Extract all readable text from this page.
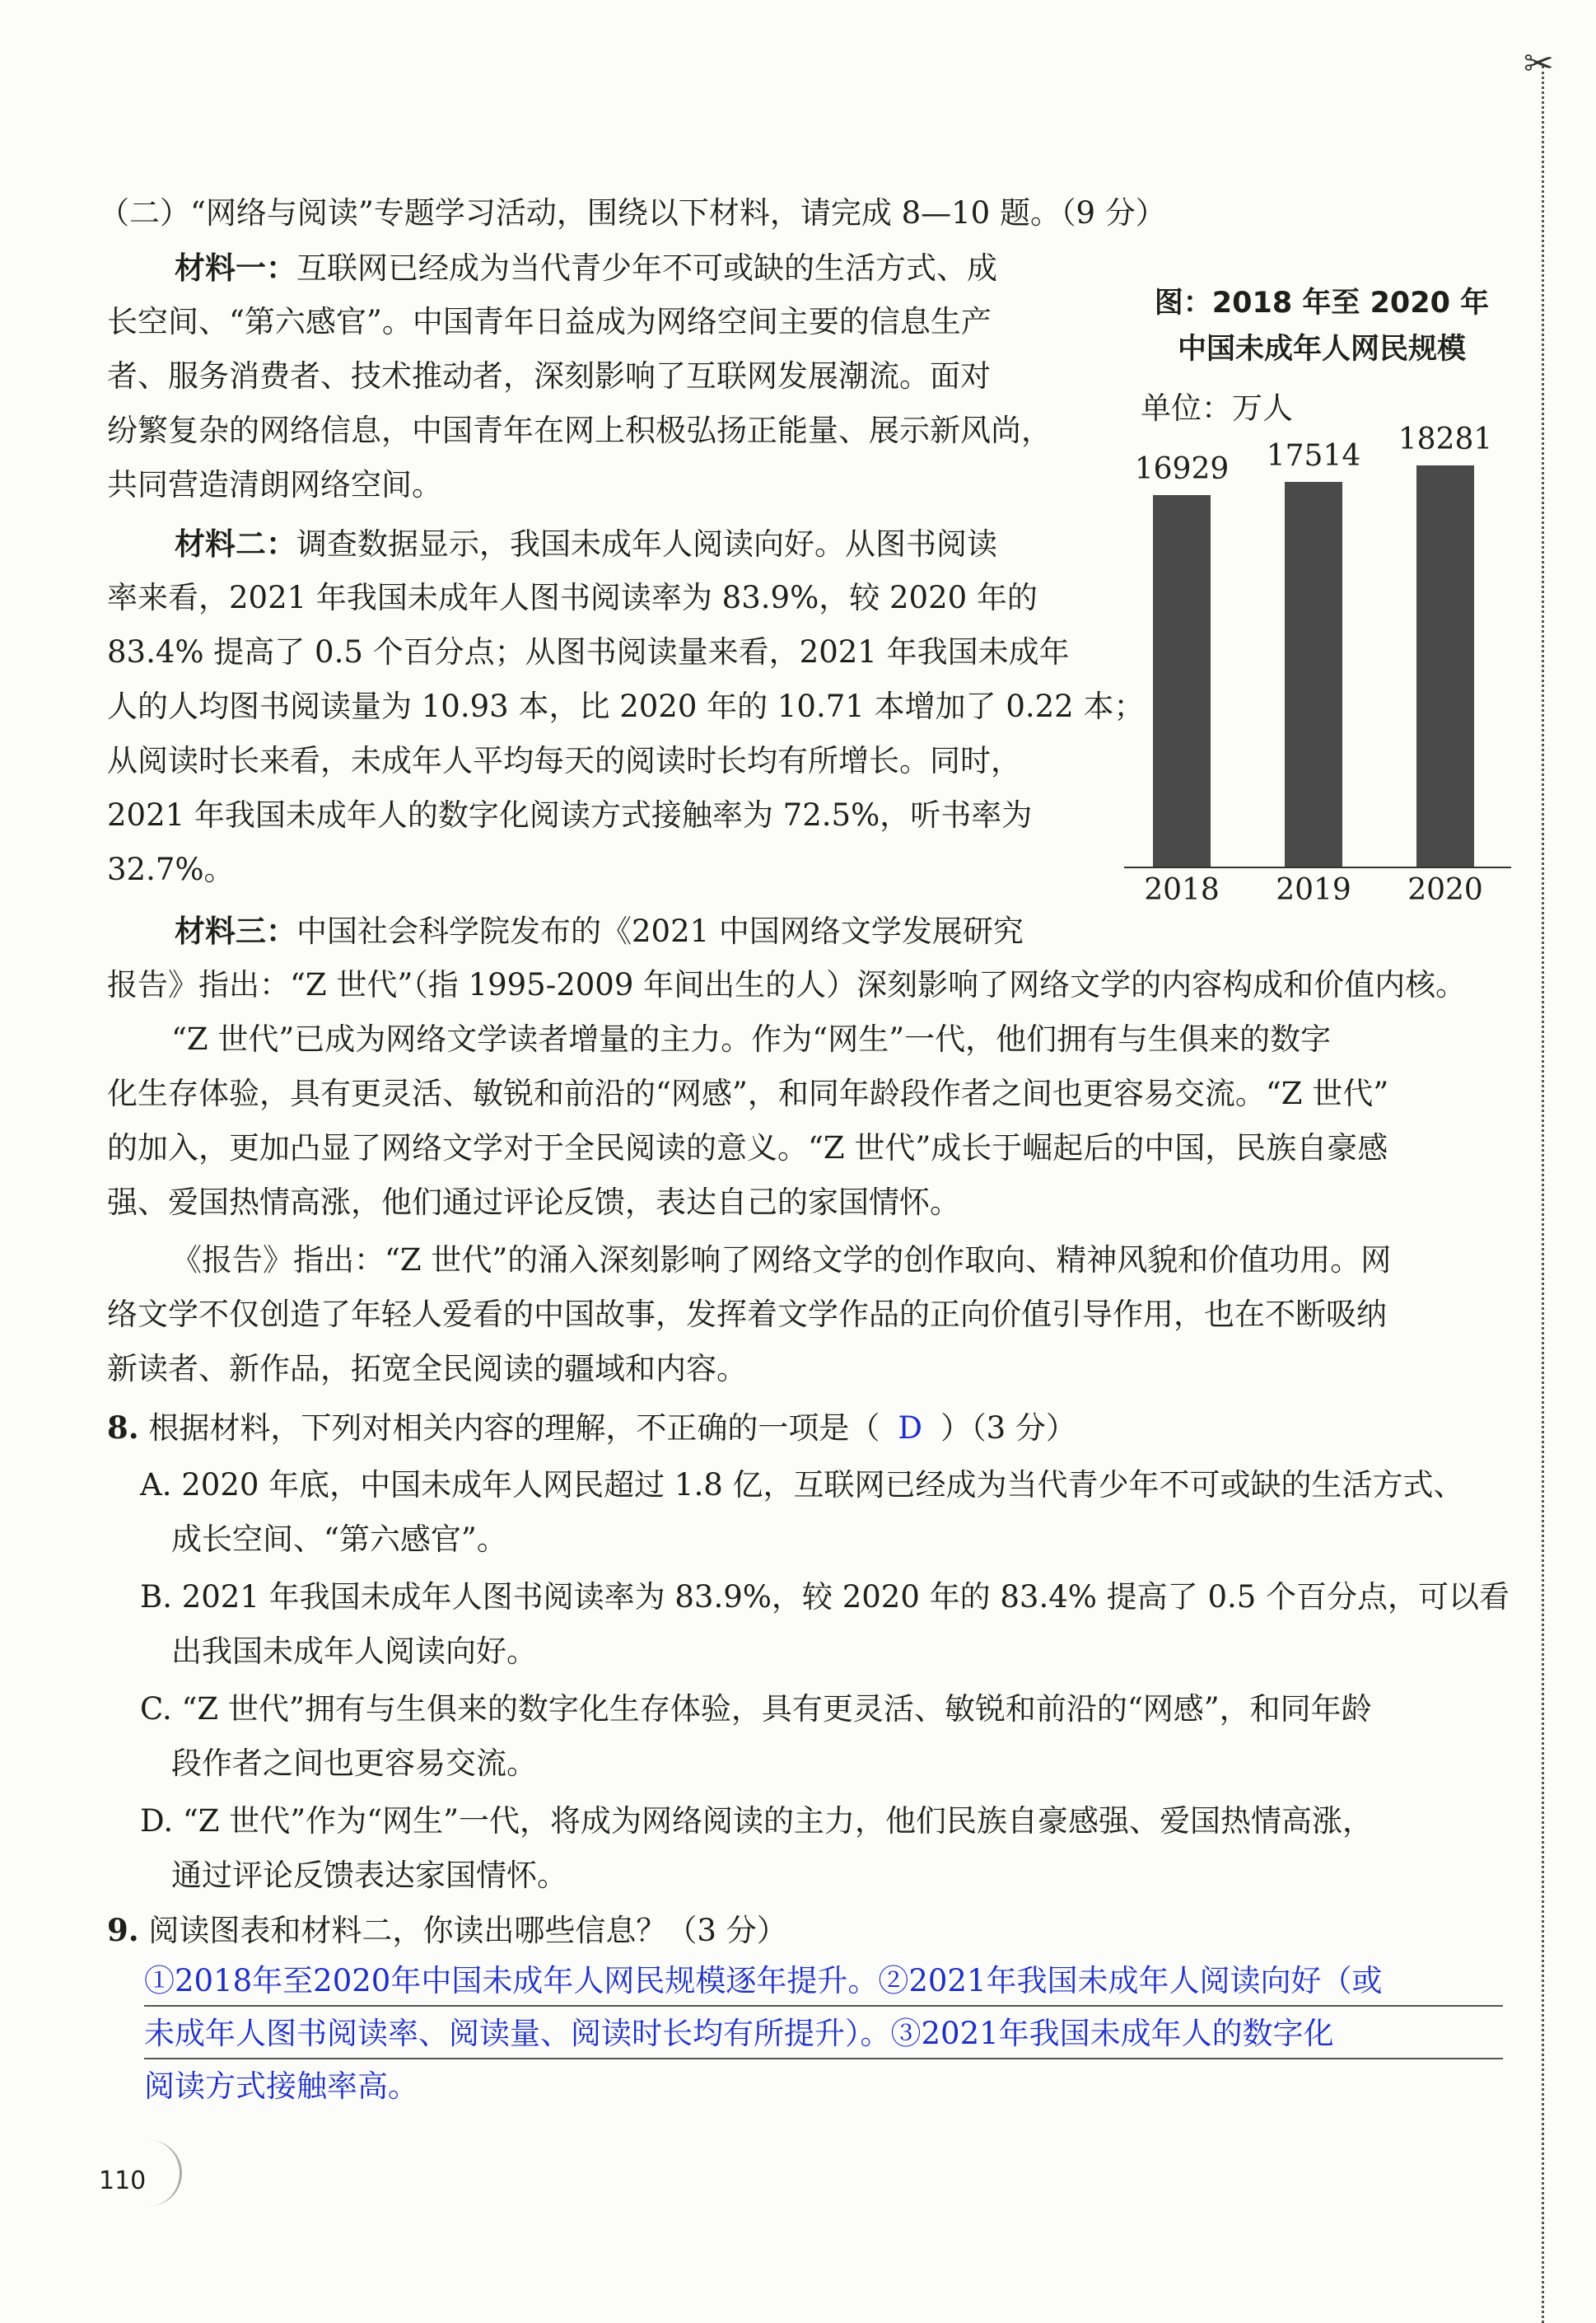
✂

（二）“网络与阅读”专题学习活动，围绕以下材料，请完成 8—10 题。（9 分）

材料一：互联网已经成为当代青少年不可或缺的生活方式、成

长空间、“第六感官”。中国青年日益成为网络空间主要的信息生产

者、服务消费者、技术推动者，深刻影响了互联网发展潮流。面对

纷繁复杂的网络信息，中国青年在网上积极弘扬正能量、展示新风尚，

共同营造清朗网络空间。

材料二：调查数据显示，我国未成年人阅读向好。从图书阅读

率来看，2021 年我国未成年人图书阅读率为 83.9%，较 2020 年的

83.4% 提高了 0.5 个百分点；从图书阅读量来看，2021 年我国未成年

人的人均图书阅读量为 10.93 本，比 2020 年的 10.71 本增加了 0.22 本；

从阅读时长来看，未成年人平均每天的阅读时长均有所增长。同时，

2021 年我国未成年人的数字化阅读方式接触率为 72.5%，听书率为

32.7%。

图：2018 年至 2020 年
中国未成年人网民规模
单位：万人
16929
2018
17514
2019
18281
2020

材料三：中国社会科学院发布的《2021 中国网络文学发展研究

报告》指出：“Z 世代”（指 1995-2009 年间出生的人）深刻影响了网络文学的内容构成和价值内核。

“Z 世代”已成为网络文学读者增量的主力。作为“网生”一代，他们拥有与生俱来的数字

化生存体验，具有更灵活、敏锐和前沿的“网感”，和同年龄段作者之间也更容易交流。“Z 世代”

的加入，更加凸显了网络文学对于全民阅读的意义。“Z 世代”成长于崛起后的中国，民族自豪感

强、爱国热情高涨，他们通过评论反馈，表达自己的家国情怀。

《报告》指出：“Z 世代”的涌入深刻影响了网络文学的创作取向、精神风貌和价值功用。网

络文学不仅创造了年轻人爱看的中国故事，发挥着文学作品的正向价值引导作用，也在不断吸纳

新读者、新作品，拓宽全民阅读的疆域和内容。

8. 根据材料，下列对相关内容的理解，不正确的一项是（ D ）（3 分）

A. 2020 年底，中国未成年人网民超过 1.8 亿，互联网已经成为当代青少年不可或缺的生活方式、

成长空间、“第六感官”。

B. 2021 年我国未成年人图书阅读率为 83.9%，较 2020 年的 83.4% 提高了 0.5 个百分点，可以看

出我国未成年人阅读向好。

C. “Z 世代”拥有与生俱来的数字化生存体验，具有更灵活、敏锐和前沿的“网感”，和同年龄

段作者之间也更容易交流。

D. “Z 世代”作为“网生”一代，将成为网络阅读的主力，他们民族自豪感强、爱国热情高涨，

通过评论反馈表达家国情怀。

9. 阅读图表和材料二，你读出哪些信息？（3 分）

①2018年至2020年中国未成年人网民规模逐年提升。②2021年我国未成年人阅读向好（或

未成年人图书阅读率、阅读量、阅读时长均有所提升）。③2021年我国未成年人的数字化

阅读方式接触率高。

110
